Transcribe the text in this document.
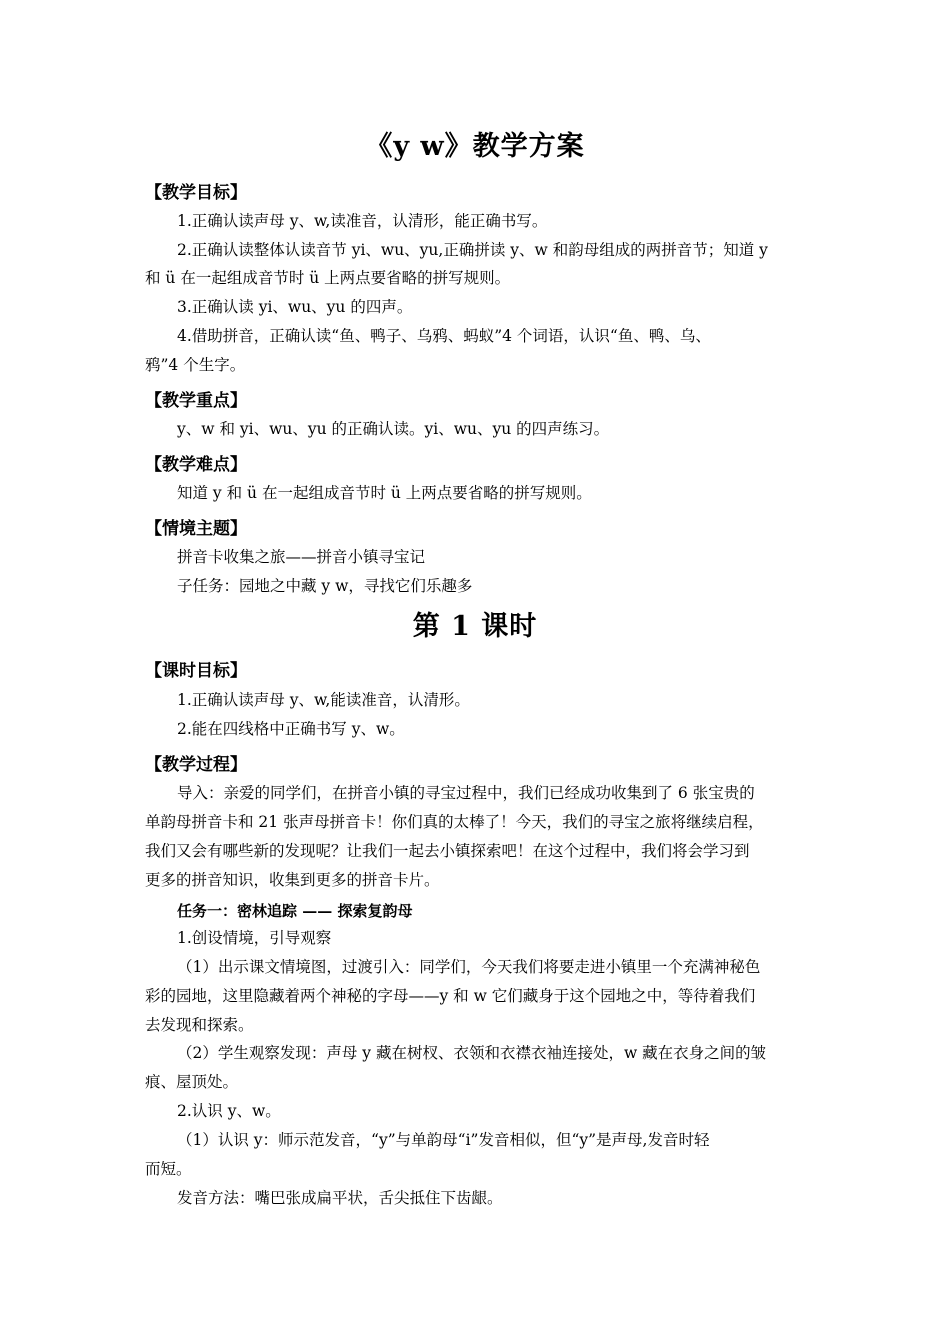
《y w》教学方案
【教学目标】
1.正确认读声母 y、w,读准音，认清形，能正确书写。
2.正确认读整体认读音节 yi、wu、yu,正确拼读 y、w 和韵母组成的两拼音节；知道 y
和 ü 在一起组成音节时 ü 上两点要省略的拼写规则。
3.正确认读 yi、wu、yu 的四声。
4.借助拼音，正确认读“鱼、鸭子、乌鸦、蚂蚁”4 个词语，认识“鱼、鸭、乌、
鸦”4 个生字。
【教学重点】
y、w 和 yi、wu、yu 的正确认读。yi、wu、yu 的四声练习。
【教学难点】
知道 y 和 ü 在一起组成音节时 ü 上两点要省略的拼写规则。
【情境主题】
拼音卡收集之旅——拼音小镇寻宝记
子任务：园地之中藏 y w，寻找它们乐趣多
第 1 课时
【课时目标】
1.正确认读声母 y、w,能读准音，认清形。
2.能在四线格中正确书写 y、w。
【教学过程】
导入：亲爱的同学们，在拼音小镇的寻宝过程中，我们已经成功收集到了 6 张宝贵的
单韵母拼音卡和 21 张声母拼音卡！你们真的太棒了！今天，我们的寻宝之旅将继续启程，
我们又会有哪些新的发现呢？让我们一起去小镇探索吧！在这个过程中，我们将会学习到
更多的拼音知识，收集到更多的拼音卡片。
任务一：密林追踪 —— 探索复韵母
1.创设情境，引导观察
（1）出示课文情境图，过渡引入：同学们，今天我们将要走进小镇里一个充满神秘色
彩的园地，这里隐藏着两个神秘的字母——y 和 w 它们藏身于这个园地之中，等待着我们
去发现和探索。
（2）学生观察发现：声母 y 藏在树杈、衣领和衣襟衣袖连接处，w 藏在衣身之间的皱
痕、屋顶处。
2.认识 y、w。
（1）认识 y：师示范发音，“y”与单韵母“i”发音相似，但“y”是声母,发音时轻
而短。
发音方法：嘴巴张成扁平状，舌尖抵住下齿龈。
